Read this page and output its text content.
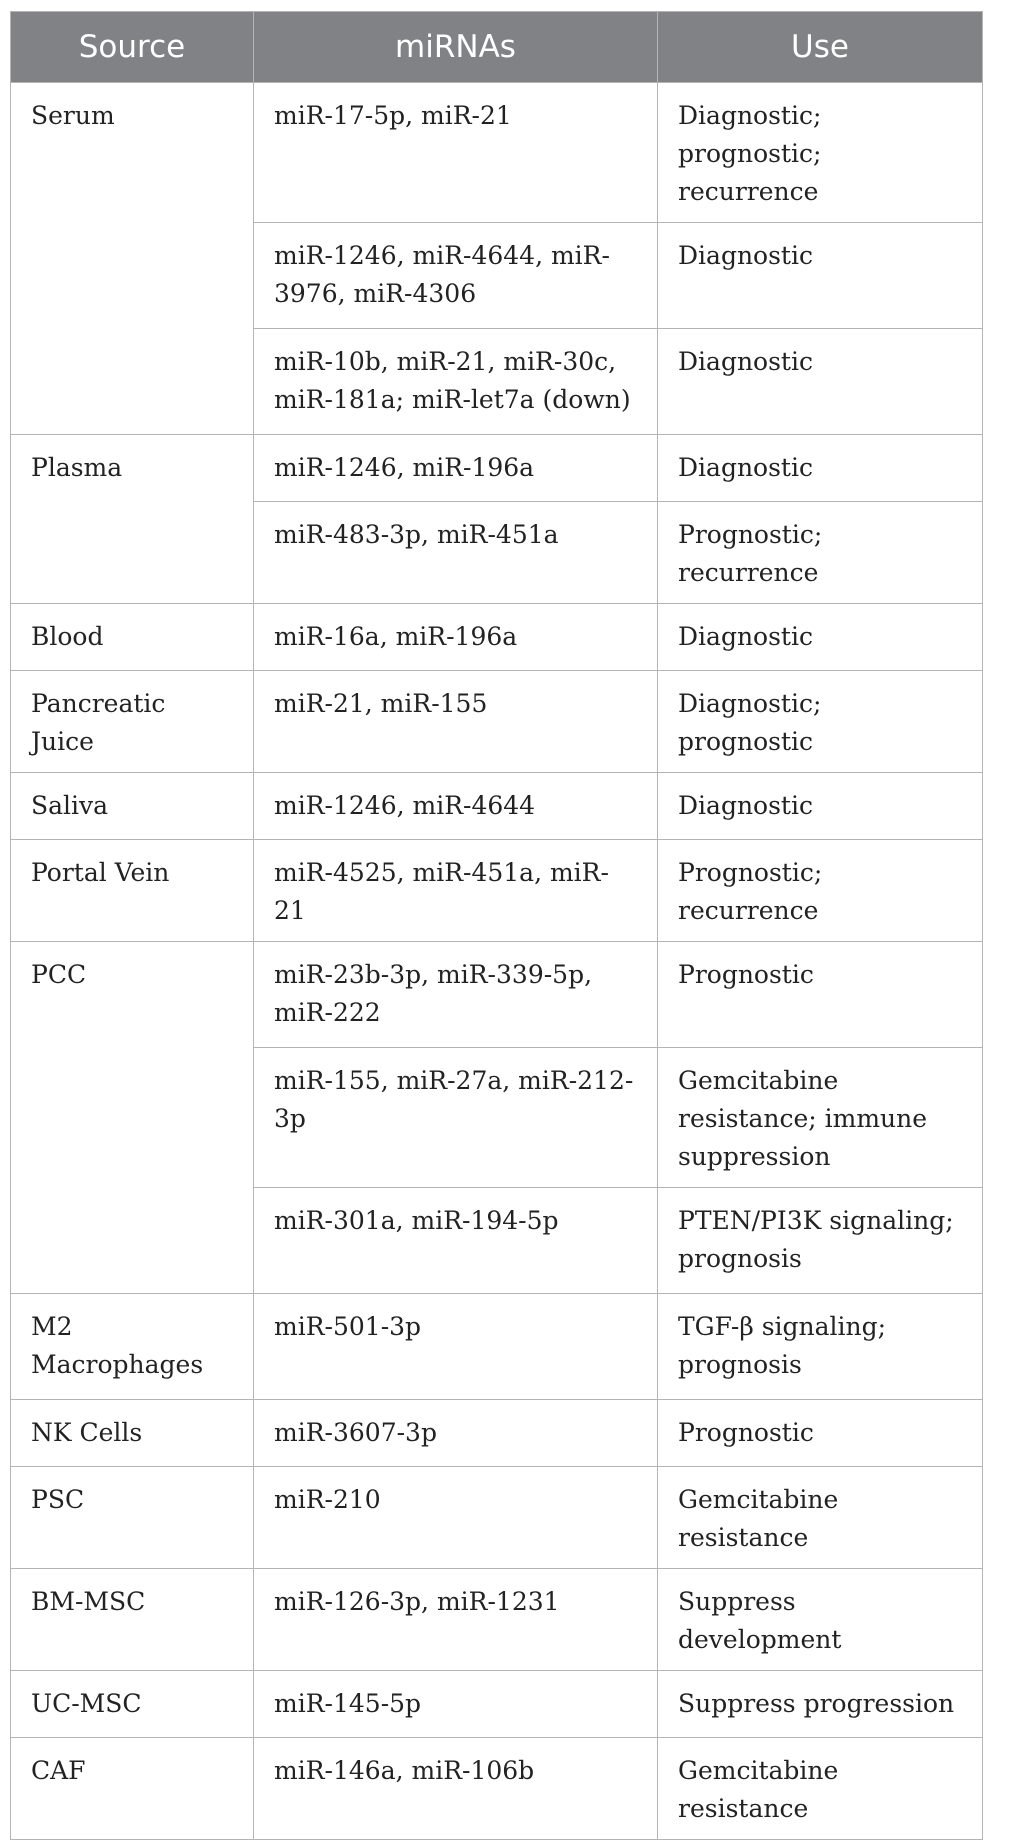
Source	miRNAs	Use
Serum	miR-17-5p, miR-21	Diagnostic; prognostic; recurrence
	miR-1246, miR-4644, miR-3976, miR-4306	Diagnostic
	miR-10b, miR-21, miR-30c, miR-181a; miR-let7a (down)	Diagnostic
Plasma	miR-1246, miR-196a	Diagnostic
	miR-483-3p, miR-451a	Prognostic; recurrence
Blood	miR-16a, miR-196a	Diagnostic
Pancreatic Juice	miR-21, miR-155	Diagnostic; prognostic
Saliva	miR-1246, miR-4644	Diagnostic
Portal Vein	miR-4525, miR-451a, miR-21	Prognostic; recurrence
PCC	miR-23b-3p, miR-339-5p, miR-222	Prognostic
	miR-155, miR-27a, miR-212-3p	Gemcitabine resistance; immune suppression
	miR-301a, miR-194-5p	PTEN/PI3K signaling; prognosis
M2 Macrophages	miR-501-3p	TGF-β signaling; prognosis
NK Cells	miR-3607-3p	Prognostic
PSC	miR-210	Gemcitabine resistance
BM-MSC	miR-126-3p, miR-1231	Suppress development
UC-MSC	miR-145-5p	Suppress progression
CAF	miR-146a, miR-106b	Gemcitabine resistance
